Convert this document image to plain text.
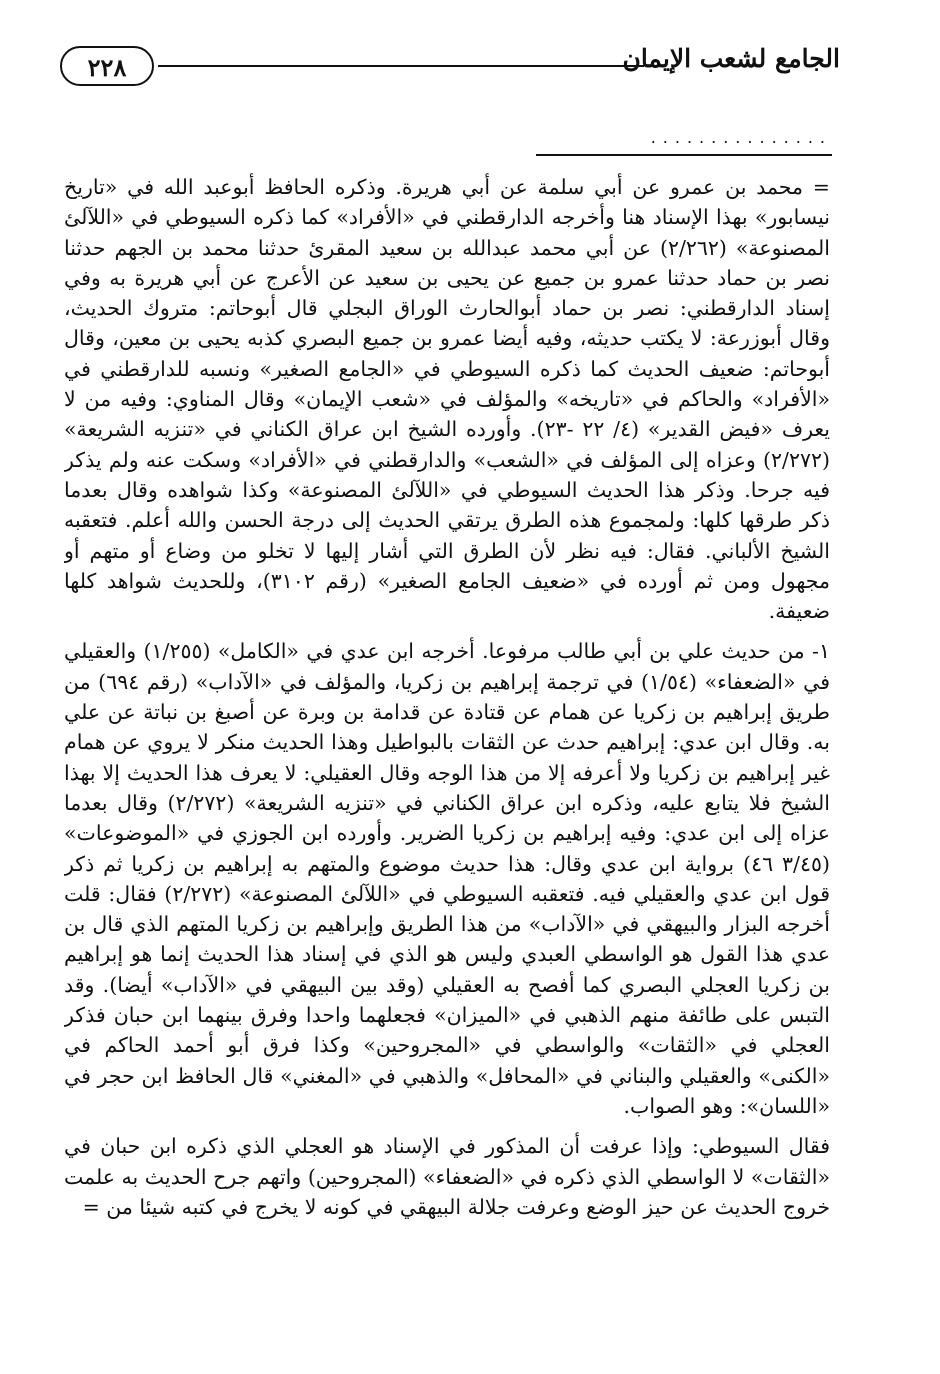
الجامع لشعب الإيمان
٢٢٨
...............

= محمد بن عمرو عن أبي سلمة عن أبي هريرة. وذكره الحافظ أبوعبد الله في «تاريخ نيسابور» بهذا الإسناد هنا وأخرجه الدارقطني في «الأفراد» كما ذكره السيوطي في «اللآلئ المصنوعة» (٢/٢٦٢) عن أبي محمد عبدالله بن سعيد المقرئ حدثنا محمد بن الجهم حدثنا نصر بن حماد حدثنا عمرو بن جميع عن يحيى بن سعيد عن الأعرج عن أبي هريرة به وفي إسناد الدارقطني: نصر بن حماد أبوالحارث الوراق البجلي قال أبوحاتم: متروك الحديث، وقال أبوزرعة: لا يكتب حديثه، وفيه أيضا عمرو بن جميع البصري كذبه يحيى بن معين، وقال أبوحاتم: ضعيف الحديث كما ذكره السيوطي في «الجامع الصغير» ونسبه للدارقطني في «الأفراد» والحاكم في «تاريخه» والمؤلف في «شعب الإيمان» وقال المناوي: وفيه من لا يعرف «فيض القدير» (٤/ ٢٢ -٢٣). وأورده الشيخ ابن عراق الكناني في «تنزيه الشريعة» (٢/٢٧٢) وعزاه إلى المؤلف في «الشعب» والدارقطني في «الأفراد» وسكت عنه ولم يذكر فيه جرحا. وذكر هذا الحديث السيوطي في «اللآلئ المصنوعة» وكذا شواهده وقال بعدما ذكر طرقها كلها: ولمجموع هذه الطرق يرتقي الحديث إلى درجة الحسن والله أعلم. فتعقبه الشيخ الألباني. فقال: فيه نظر لأن الطرق التي أشار إليها لا تخلو من وضاع أو متهم أو مجهول ومن ثم أورده في «ضعيف الجامع الصغير» (رقم ٣١٠٢)، وللحديث شواهد كلها ضعيفة.

١- من حديث علي بن أبي طالب مرفوعا. أخرجه ابن عدي في «الكامل» (١/٢٥٥) والعقيلي في «الضعفاء» (١/٥٤) في ترجمة إبراهيم بن زكريا، والمؤلف في «الآداب» (رقم ٦٩٤) من طريق إبراهيم بن زكريا عن همام عن قتادة عن قدامة بن وبرة عن أصبغ بن نباتة عن علي به. وقال ابن عدي: إبراهيم حدث عن الثقات بالبواطيل وهذا الحديث منكر لا يروي عن همام غير إبراهيم بن زكريا ولا أعرفه إلا من هذا الوجه وقال العقيلي: لا يعرف هذا الحديث إلا بهذا الشيخ فلا يتابع عليه، وذكره ابن عراق الكناني في «تنزيه الشريعة» (٢/٢٧٢) وقال بعدما عزاه إلى ابن عدي: وفيه إبراهيم بن زكريا الضرير. وأورده ابن الجوزي في «الموضوعات» (٣/٤٥ ٤٦) برواية ابن عدي وقال: هذا حديث موضوع والمتهم به إبراهيم بن زكريا ثم ذكر قول ابن عدي والعقيلي فيه. فتعقبه السيوطي في «اللآلئ المصنوعة» (٢/٢٧٢) فقال: قلت أخرجه البزار والبيهقي في «الآداب» من هذا الطريق وإبراهيم بن زكريا المتهم الذي قال بن عدي هذا القول هو الواسطي العبدي وليس هو الذي في إسناد هذا الحديث إنما هو إبراهيم بن زكريا العجلي البصري كما أفصح به العقيلي (وقد بين البيهقي في «الآداب» أيضا). وقد التبس على طائفة منهم الذهبي في «الميزان» فجعلهما واحدا وفرق بينهما ابن حبان فذكر العجلي في «الثقات» والواسطي في «المجروحين» وكذا فرق أبو أحمد الحاكم في «الكنى» والعقيلي والبناني في «المحافل» والذهبي في «المغني» قال الحافظ ابن حجر في «اللسان»: وهو الصواب.

فقال السيوطي: وإذا عرفت أن المذكور في الإسناد هو العجلي الذي ذكره ابن حبان في «الثقات» لا الواسطي الذي ذكره في «الضعفاء» (المجروحين) واتهم جرح الحديث به علمت خروج الحديث عن حيز الوضع وعرفت جلالة البيهقي في كونه لا يخرج في كتبه شيئا من =
